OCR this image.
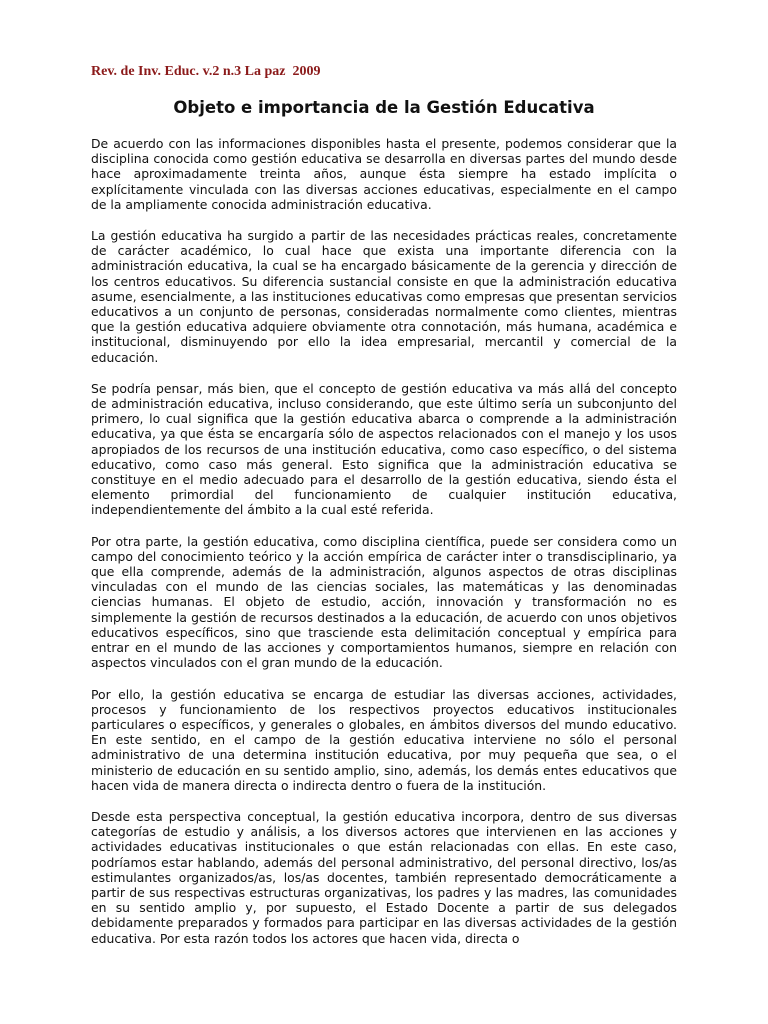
Rev. de Inv. Educ. v.2 n.3 La paz  2009

Objeto e importancia de la Gestión Educativa

De acuerdo con las informaciones disponibles hasta el presente, podemos considerar que la disciplina conocida como gestión educativa se desarrolla en diversas partes del mundo desde hace aproximadamente treinta años, aunque ésta siempre ha estado implícita o explícitamente vinculada con las diversas acciones educativas, especialmente en el campo de la ampliamente conocida administración educativa.

La gestión educativa ha surgido a partir de las necesidades prácticas reales, concretamente de carácter académico, lo cual hace que exista una importante diferencia con la administración educativa, la cual se ha encargado básicamente de la gerencia y dirección de los centros educativos. Su diferencia sustancial consiste en que la administración educativa asume, esencialmente, a las instituciones educativas como empresas que presentan servicios educativos a un conjunto de personas, consideradas normalmente como clientes, mientras que la gestión educativa adquiere obviamente otra connotación, más humana, académica e institucional, disminuyendo por ello la idea empresarial, mercantil y comercial de la educación.

Se podría pensar, más bien, que el concepto de gestión educativa va más allá del concepto de administración educativa, incluso considerando, que este último sería un subconjunto del primero, lo cual significa que la gestión educativa abarca o comprende a la administración educativa, ya que ésta se encargaría sólo de aspectos relacionados con el manejo y los usos apropiados de los recursos de una institución educativa, como caso específico, o del sistema educativo, como caso más general. Esto significa que la administración educativa se constituye en el medio adecuado para el desarrollo de la gestión educativa, siendo ésta el elemento primordial del funcionamiento de cualquier institución educativa, independientemente del ámbito a la cual esté referida.

Por otra parte, la gestión educativa, como disciplina científica, puede ser considera como un campo del conocimiento teórico y la acción empírica de carácter inter o transdisciplinario, ya que ella comprende, además de la administración, algunos aspectos de otras disciplinas vinculadas con el mundo de las ciencias sociales, las matemáticas y las denominadas ciencias humanas. El objeto de estudio, acción, innovación y transformación no es simplemente la gestión de recursos destinados a la educación, de acuerdo con unos objetivos educativos específicos, sino que trasciende esta delimitación conceptual y empírica para entrar en el mundo de las acciones y comportamientos humanos, siempre en relación con aspectos vinculados con el gran mundo de la educación.

Por ello, la gestión educativa se encarga de estudiar las diversas acciones, actividades, procesos y funcionamiento de los respectivos proyectos educativos institucionales particulares o específicos, y generales o globales, en ámbitos diversos del mundo educativo. En este sentido, en el campo de la gestión educativa interviene no sólo el personal administrativo de una determina institución educativa, por muy pequeña que sea, o el ministerio de educación en su sentido amplio, sino, además, los demás entes educativos que hacen vida de manera directa o indirecta dentro o fuera de la institución.

Desde esta perspectiva conceptual, la gestión educativa incorpora, dentro de sus diversas categorías de estudio y análisis, a los diversos actores que intervienen en las acciones y actividades educativas institucionales o que están relacionadas con ellas. En este caso, podríamos estar hablando, además del personal administrativo, del personal directivo, los/as estimulantes organizados/as, los/as docentes, también representado democráticamente a partir de sus respectivas estructuras organizativas, los padres y las madres, las comunidades en su sentido amplio y, por supuesto, el Estado Docente a partir de sus delegados debidamente preparados y formados para participar en las diversas actividades de la gestión educativa. Por esta razón todos los actores que hacen vida, directa o
